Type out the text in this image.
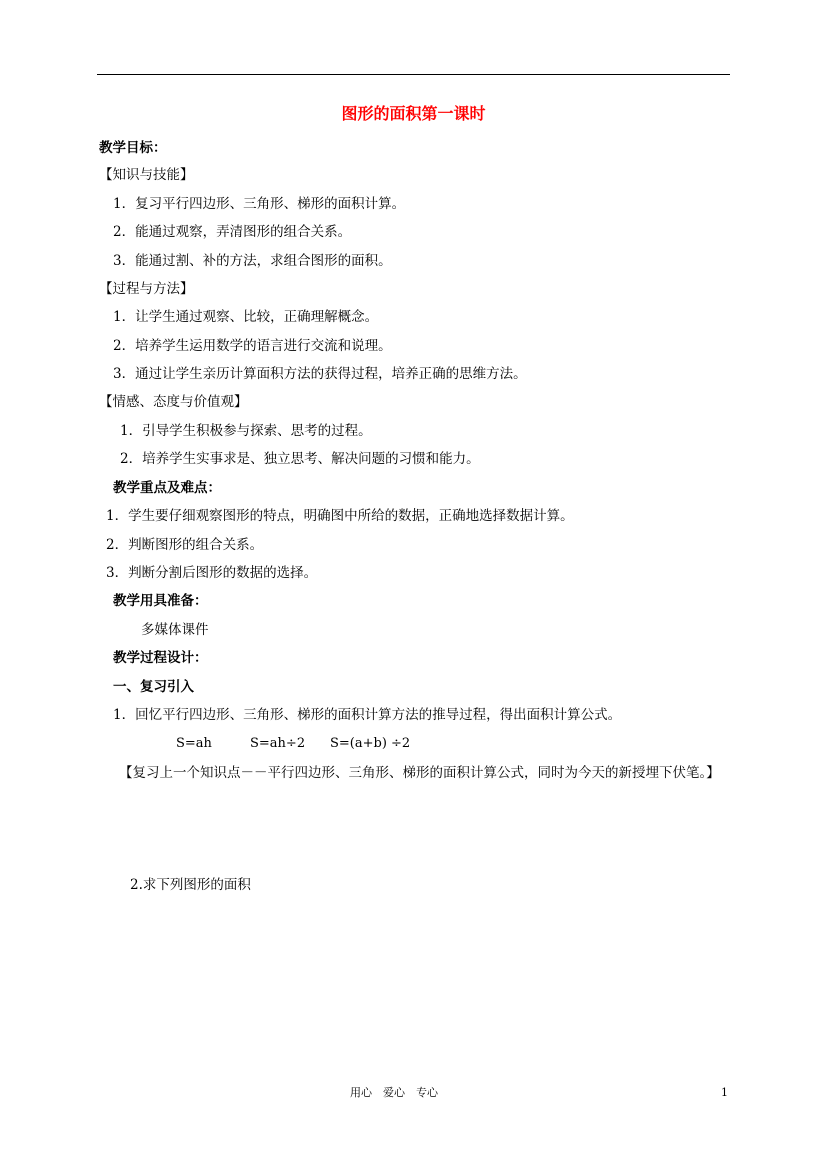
图形的面积第一课时
教学目标：
【知识与技能】
1．复习平行四边形、三角形、梯形的面积计算。
2．能通过观察，弄清图形的组合关系。
3．能通过割、补的方法，求组合图形的面积。
【过程与方法】
1．让学生通过观察、比较，正确理解概念。
2．培养学生运用数学的语言进行交流和说理。
3．通过让学生亲历计算面积方法的获得过程，培养正确的思维方法。
【情感、态度与价值观】
1．引导学生积极参与探索、思考的过程。
2．培养学生实事求是、独立思考、解决问题的习惯和能力。
教学重点及难点：
1．学生要仔细观察图形的特点，明确图中所给的数据，正确地选择数据计算。
2．判断图形的组合关系。
3．判断分割后图形的数据的选择。
教学用具准备：
多媒体课件
教学过程设计：
一、复习引入
1．回忆平行四边形、三角形、梯形的面积计算方法的推导过程，得出面积计算公式。
S=ah	S=ah÷2 S=(a+b) ÷2
【复习上一个知识点－－平行四边形、三角形、梯形的面积计算公式，同时为今天的新授埋下伏笔。】
2.求下列图形的面积
用心　爱心　专心	1
